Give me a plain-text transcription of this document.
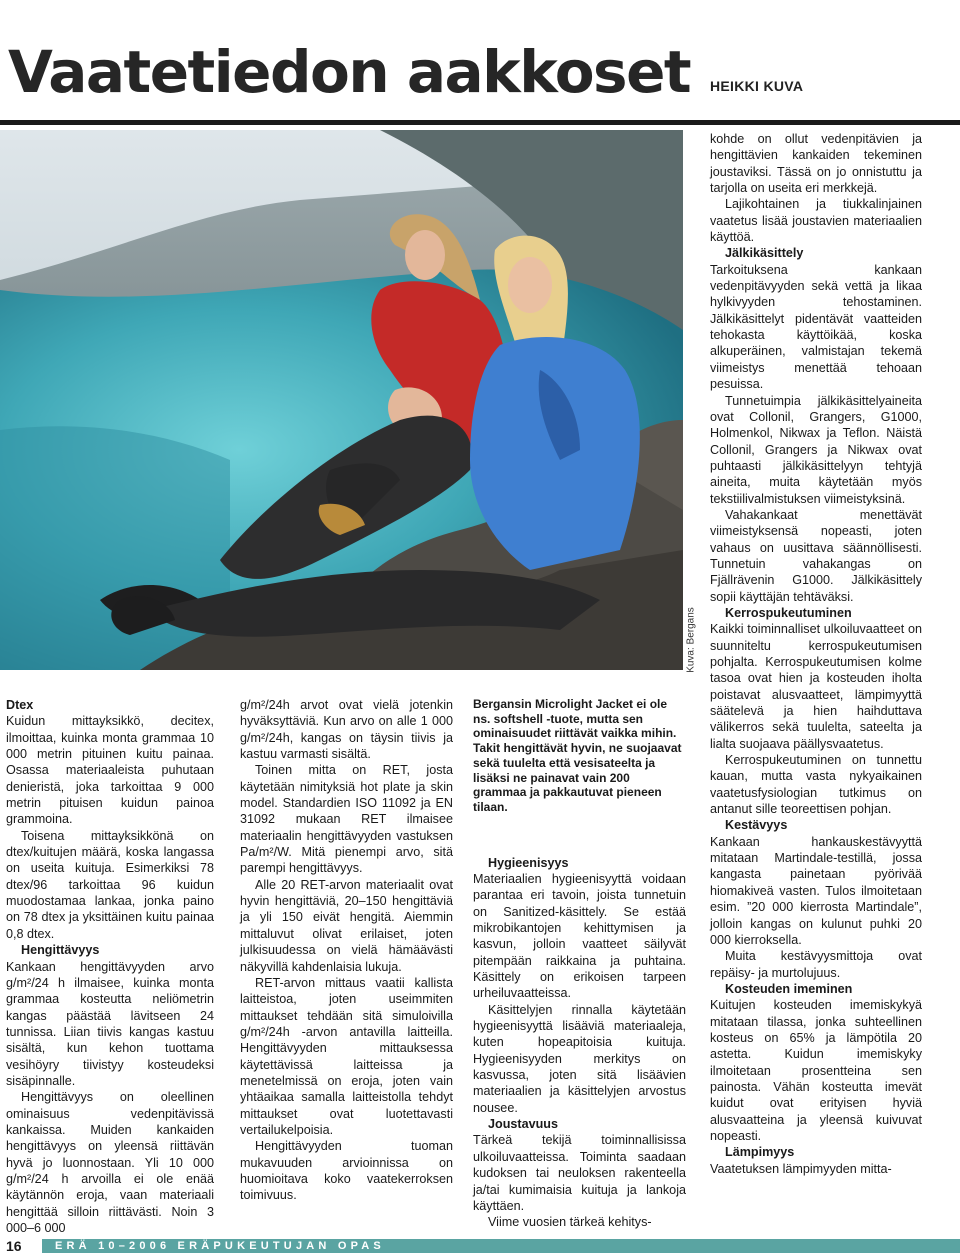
Vaatetiedon aakkoset HEIKKI KUVA
Kuva: Bergans

Dtex

Kuidun mittayksikkö, decitex, ilmoittaa, kuinka monta grammaa 10 000 metrin pituinen kuitu painaa. Osassa materiaaleista puhutaan denieristä, joka tarkoittaa 9 000 metrin pituisen kuidun painoa grammoina.

Toisena mittayksikkönä on dtex/kuitujen määrä, koska langassa on useita kuituja. Esimerkiksi 78 dtex/96 tarkoittaa 96 kuidun muodostamaa lankaa, jonka paino on 78 dtex ja yksittäinen kuitu painaa 0,8 dtex.

Hengittävyys

Kankaan hengittävyyden arvo g/m²/24 h ilmaisee, kuinka monta grammaa kosteutta neliömetrin kangas päästää lävitseen 24 tunnissa. Liian tiivis kangas kastuu sisältä, kun kehon tuottama vesihöyry tiivistyy kosteudeksi sisäpinnalle.

Hengittävyys on oleellinen ominaisuus vedenpitävissä kankaissa. Muiden kankaiden hengittävyys on yleensä riittävän hyvä jo luonnostaan. Yli 10 000 g/m²/24 h arvoilla ei ole enää käytännön eroja, vaan materiaali hengittää silloin riittävästi. Noin 3 000–6 000

g/m²/24h arvot ovat vielä jotenkin hyväksyttäviä. Kun arvo on alle 1 000 g/m²/24h, kangas on täysin tiivis ja kastuu varmasti sisältä.

Toinen mitta on RET, josta käytetään nimityksiä hot plate ja skin model. Standardien ISO 11092 ja EN 31092 mukaan RET ilmaisee materiaalin hengittävyyden vastuksen Pa/m²/W. Mitä pienempi arvo, sitä parempi hengittävyys.

Alle 20 RET-arvon materiaalit ovat hyvin hengittäviä, 20–150 hengittäviä ja yli 150 eivät hengitä. Aiemmin mittaluvut olivat erilaiset, joten julkisuudessa on vielä hämäävästi näkyvillä kahdenlaisia lukuja.

RET-arvon mittaus vaatii kallista laitteistoa, joten useimmiten mittaukset tehdään sitä simuloivilla g/m²/24h -arvon antavilla laitteilla. Hengittävyyden mittauksessa käytettävissä laitteissa ja menetelmissä on eroja, joten vain yhtäaikaa samalla laitteistolla tehdyt mittaukset ovat luotettavasti vertailukelpoisia.

Hengittävyyden tuoman mukavuuden arvioinnissa on huomioitava koko vaatekerroksen toimivuus.

Bergansin Microlight Jacket ei ole ns. softshell -tuote, mutta sen ominaisuudet riittävät vaikka mihin. Takit hengittävät hyvin, ne suojaavat sekä tuulelta että vesisateelta ja lisäksi ne painavat vain 200 grammaa ja pakkautuvat pieneen tilaan.

Hygieenisyys

Materiaalien hygieenisyyttä voidaan parantaa eri tavoin, joista tunnetuin on Sanitized-käsittely. Se estää mikrobikantojen kehittymisen ja kasvun, jolloin vaatteet säilyvät pitempään raikkaina ja puhtaina. Käsittely on erikoisen tarpeen urheiluvaatteissa.

Käsittelyjen rinnalla käytetään hygieenisyyttä lisääviä materiaaleja, kuten hopeapitoisia kuituja. Hygieenisyyden merkitys on kasvussa, joten sitä lisäävien materiaalien ja käsittelyjen arvostus nousee.

Joustavuus

Tärkeä tekijä toiminnallisissa ulkoiluvaatteissa. Toiminta saadaan kudoksen tai neuloksen rakenteella ja/tai kumimaisia kuituja ja lankoja käyttäen.

Viime vuosien tärkeä kehitys-

kohde on ollut vedenpitävien ja hengittävien kankaiden tekeminen joustaviksi. Tässä on jo onnistuttu ja tarjolla on useita eri merkkejä.

Lajikohtainen ja tiukkalinjainen vaatetus lisää joustavien materiaalien käyttöä.

Jälkikäsittely

Tarkoituksena kankaan vedenpitävyyden sekä vettä ja likaa hylkivyyden tehostaminen. Jälkikäsittelyt pidentävät vaatteiden tehokasta käyttöikää, koska alkuperäinen, valmistajan tekemä viimeistys menettää tehoaan pesuissa.

Tunnetuimpia jälkikäsittelyaineita ovat Collonil, Grangers, G1000, Holmenkol, Nikwax ja Teflon. Näistä Collonil, Grangers ja Nikwax ovat puhtaasti jälkikäsittelyyn tehtyjä aineita, muita käytetään myös tekstiilivalmistuksen viimeistyksinä.

Vahakankaat menettävät viimeistyksensä nopeasti, joten vahaus on uusittava säännöllisesti. Tunnetuin vahakangas on Fjällrävenin G1000. Jälkikäsittely sopii käyttäjän tehtäväksi.

Kerrospukeutuminen

Kaikki toiminnalliset ulkoiluvaatteet on suunniteltu kerrospukeutumisen pohjalta. Kerrospukeutumisen kolme tasoa ovat hien ja kosteuden iholta poistavat alusvaatteet, lämpimyyttä säätelevä ja hien haihduttava välikerros sekä tuulelta, sateelta ja lialta suojaava päällysvaatetus.

Kerrospukeutuminen on tunnettu kauan, mutta vasta nykyaikainen vaatetusfysiologian tutkimus on antanut sille teoreettisen pohjan.

Kestävyys

Kankaan hankauskestävyyttä mitataan Martindale-testillä, jossa kangasta painetaan pyörivää hiomakiveä vasten. Tulos ilmoitetaan esim. ”20 000 kierrosta Martindale”, jolloin kangas on kulunut puhki 20 000 kierroksella.

Muita kestävyysmittoja ovat repäisy- ja murtolujuus.

Kosteuden imeminen

Kuitujen kosteuden imemiskykyä mitataan tilassa, jonka suhteellinen kosteus on 65% ja lämpötila 20 astetta. Kuidun imemiskyky ilmoitetaan prosentteina sen painosta. Vähän kosteutta imevät kuidut ovat erityisen hyviä alusvaatteina ja yleensä kuivuvat nopeasti.

Lämpimyys

Vaatetuksen lämpimyyden mitta-

16	ERÄ 10–2006 ERÄPUKEUTUJAN OPAS
